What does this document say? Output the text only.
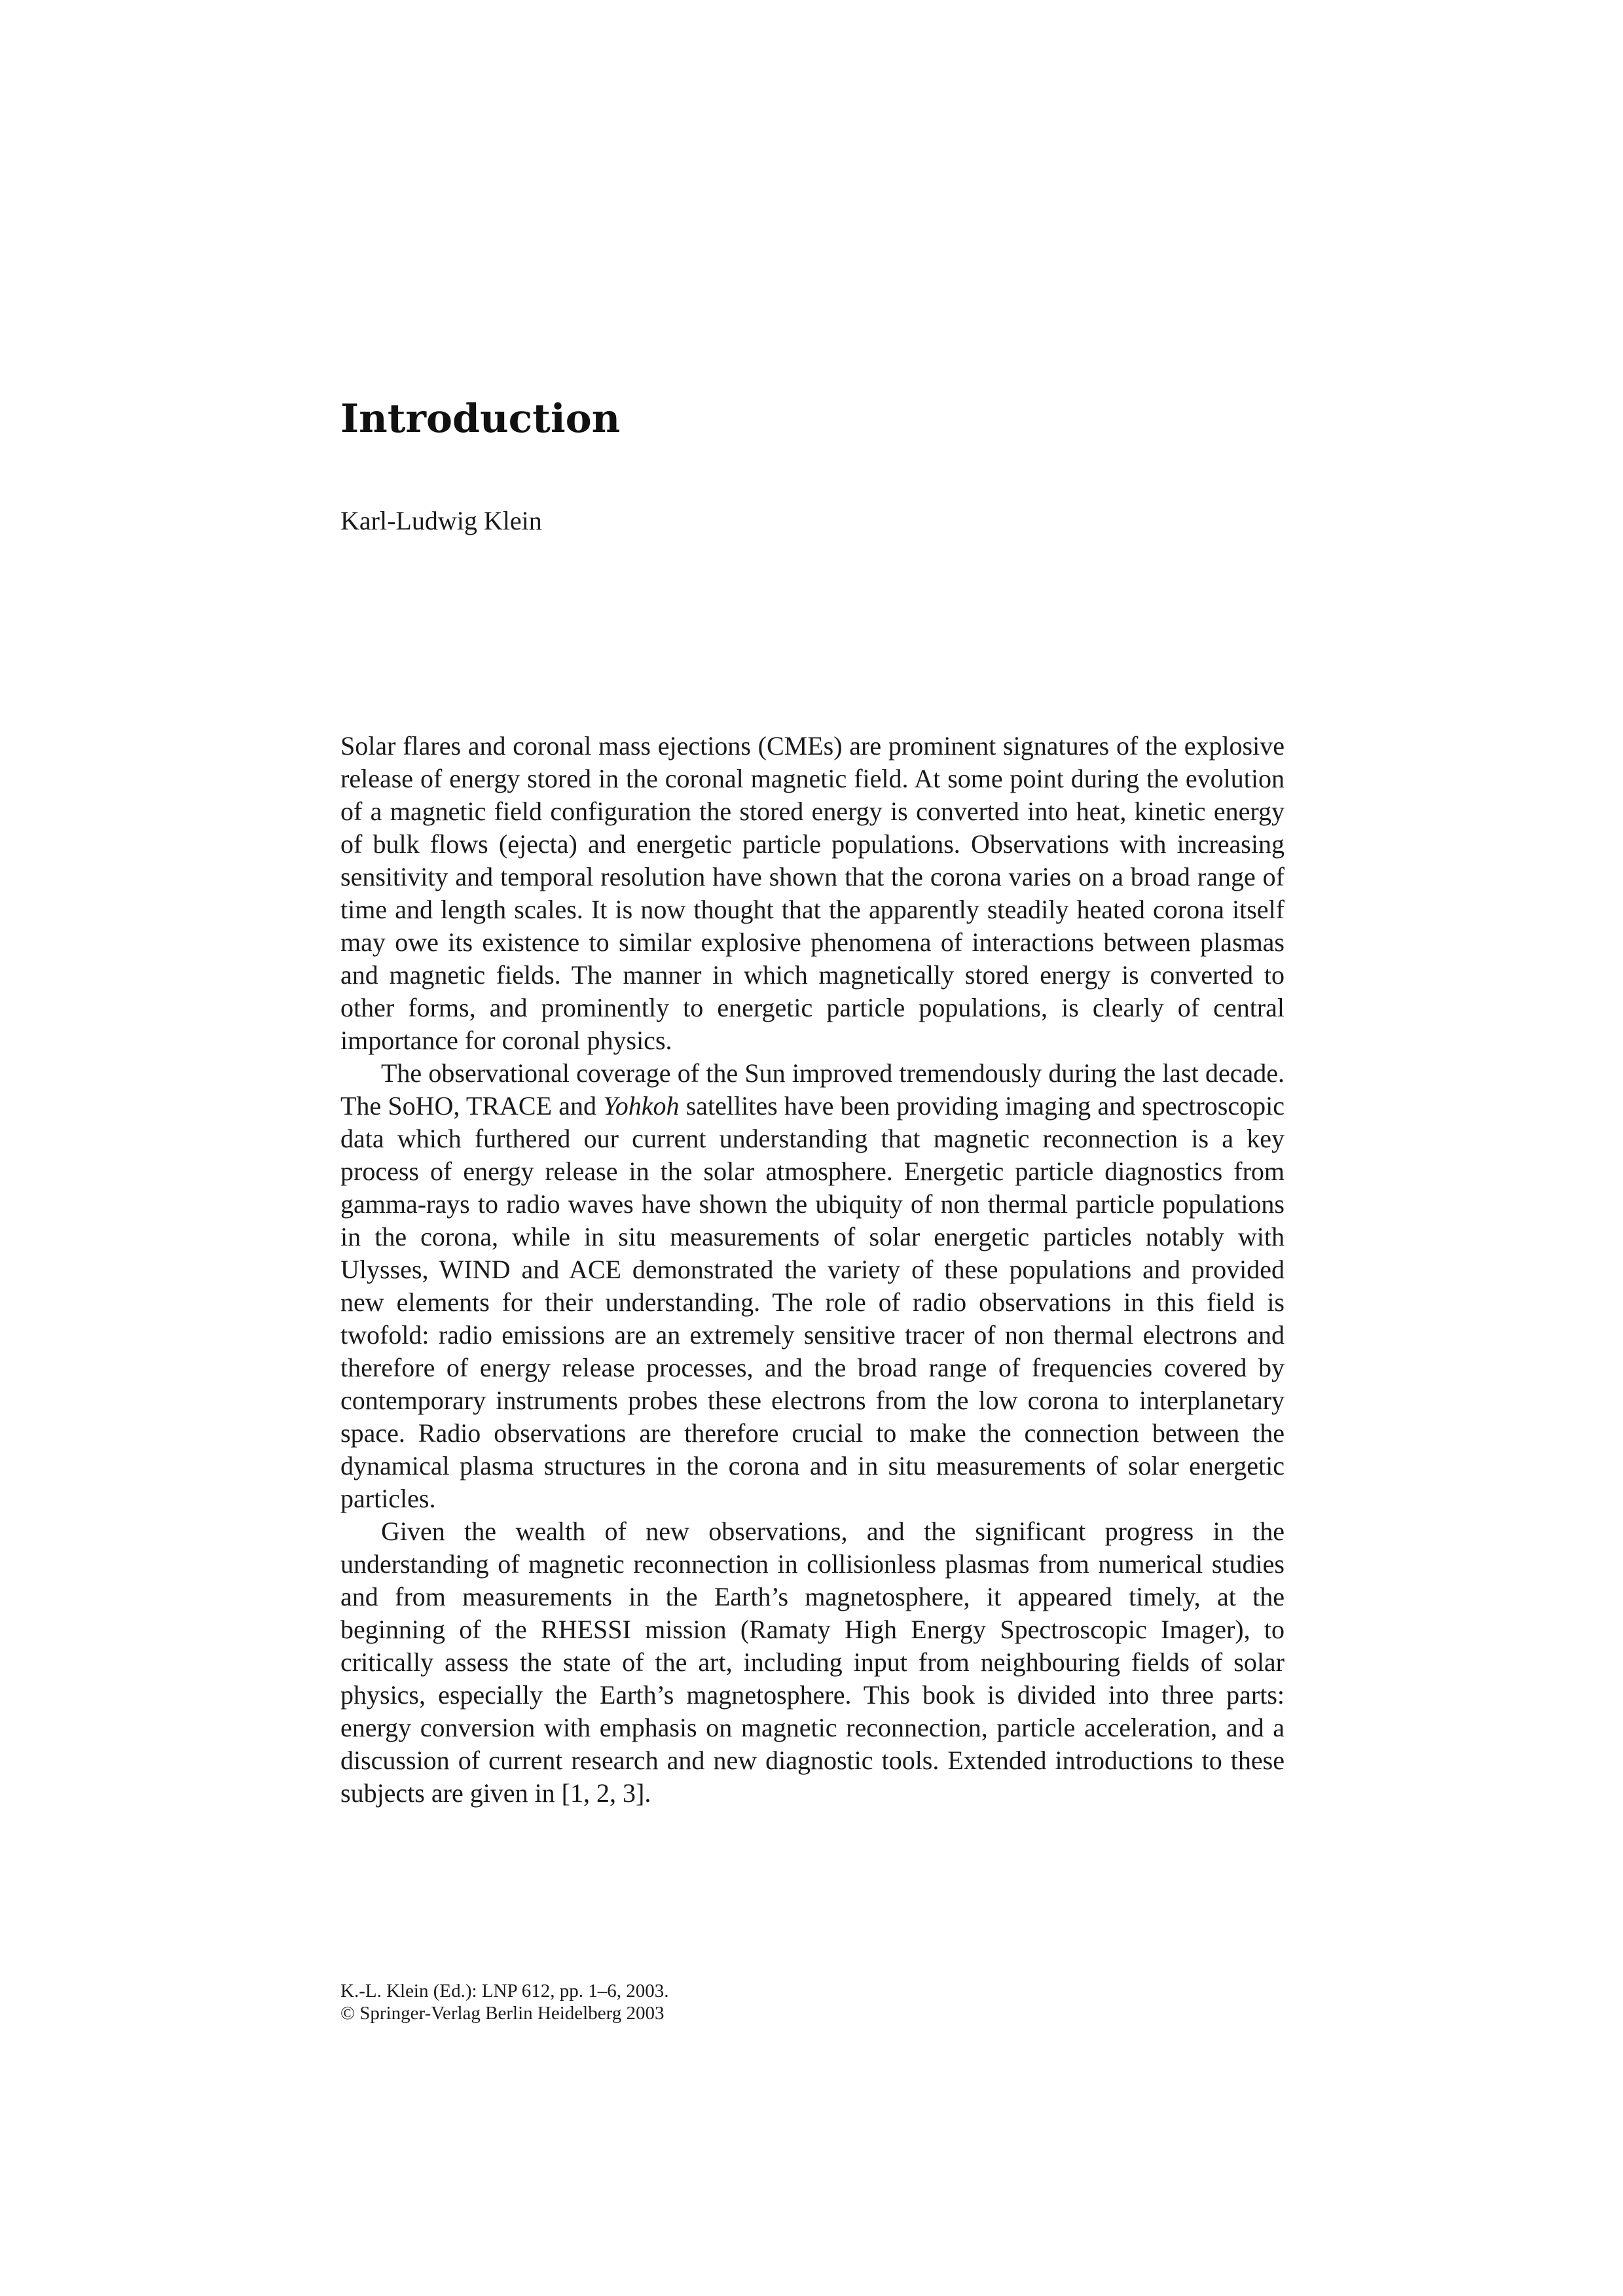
Introduction
Karl-Ludwig Klein

Solar flares and coronal mass ejections (CMEs) are prominent signatures of the explosive release of energy stored in the coronal magnetic field. At some point during the evolution of a magnetic field configuration the stored energy is converted into heat, kinetic energy of bulk flows (ejecta) and energetic particle populations. Observations with increasing sensitivity and temporal resolution have shown that the corona varies on a broad range of time and length scales. It is now thought that the apparently steadily heated corona itself may owe its existence to similar explosive phenomena of interactions between plasmas and magnetic fields. The manner in which magnetically stored energy is converted to other forms, and prominently to energetic particle populations, is clearly of central importance for coronal physics.

The observational coverage of the Sun improved tremendously during the last decade. The SoHO, TRACE and Yohkoh satellites have been providing imaging and spectroscopic data which furthered our current understanding that magnetic reconnection is a key process of energy release in the solar atmosphere. Energetic particle diagnostics from gamma-rays to radio waves have shown the ubiquity of non thermal particle populations in the corona, while in situ measurements of solar energetic particles notably with Ulysses, WIND and ACE demonstrated the variety of these populations and provided new elements for their understanding. The role of radio observations in this field is twofold: radio emissions are an extremely sensitive tracer of non thermal electrons and therefore of energy release processes, and the broad range of frequencies covered by contemporary instruments probes these electrons from the low corona to interplanetary space. Radio observations are therefore crucial to make the connection between the dynamical plasma structures in the corona and in situ measurements of solar energetic particles.

Given the wealth of new observations, and the significant progress in the understanding of magnetic reconnection in collisionless plasmas from numerical studies and from measurements in the Earth’s magnetosphere, it appeared timely, at the beginning of the RHESSI mission (Ramaty High Energy Spectroscopic Imager), to critically assess the state of the art, including input from neighbouring fields of solar physics, especially the Earth’s magnetosphere. This book is divided into three parts: energy conversion with emphasis on magnetic reconnection, particle acceleration, and a discussion of current research and new diagnostic tools. Extended introductions to these subjects are given in [1, 2, 3].

K.-L. Klein (Ed.): LNP 612, pp. 1–6, 2003.
© Springer-Verlag Berlin Heidelberg 2003
